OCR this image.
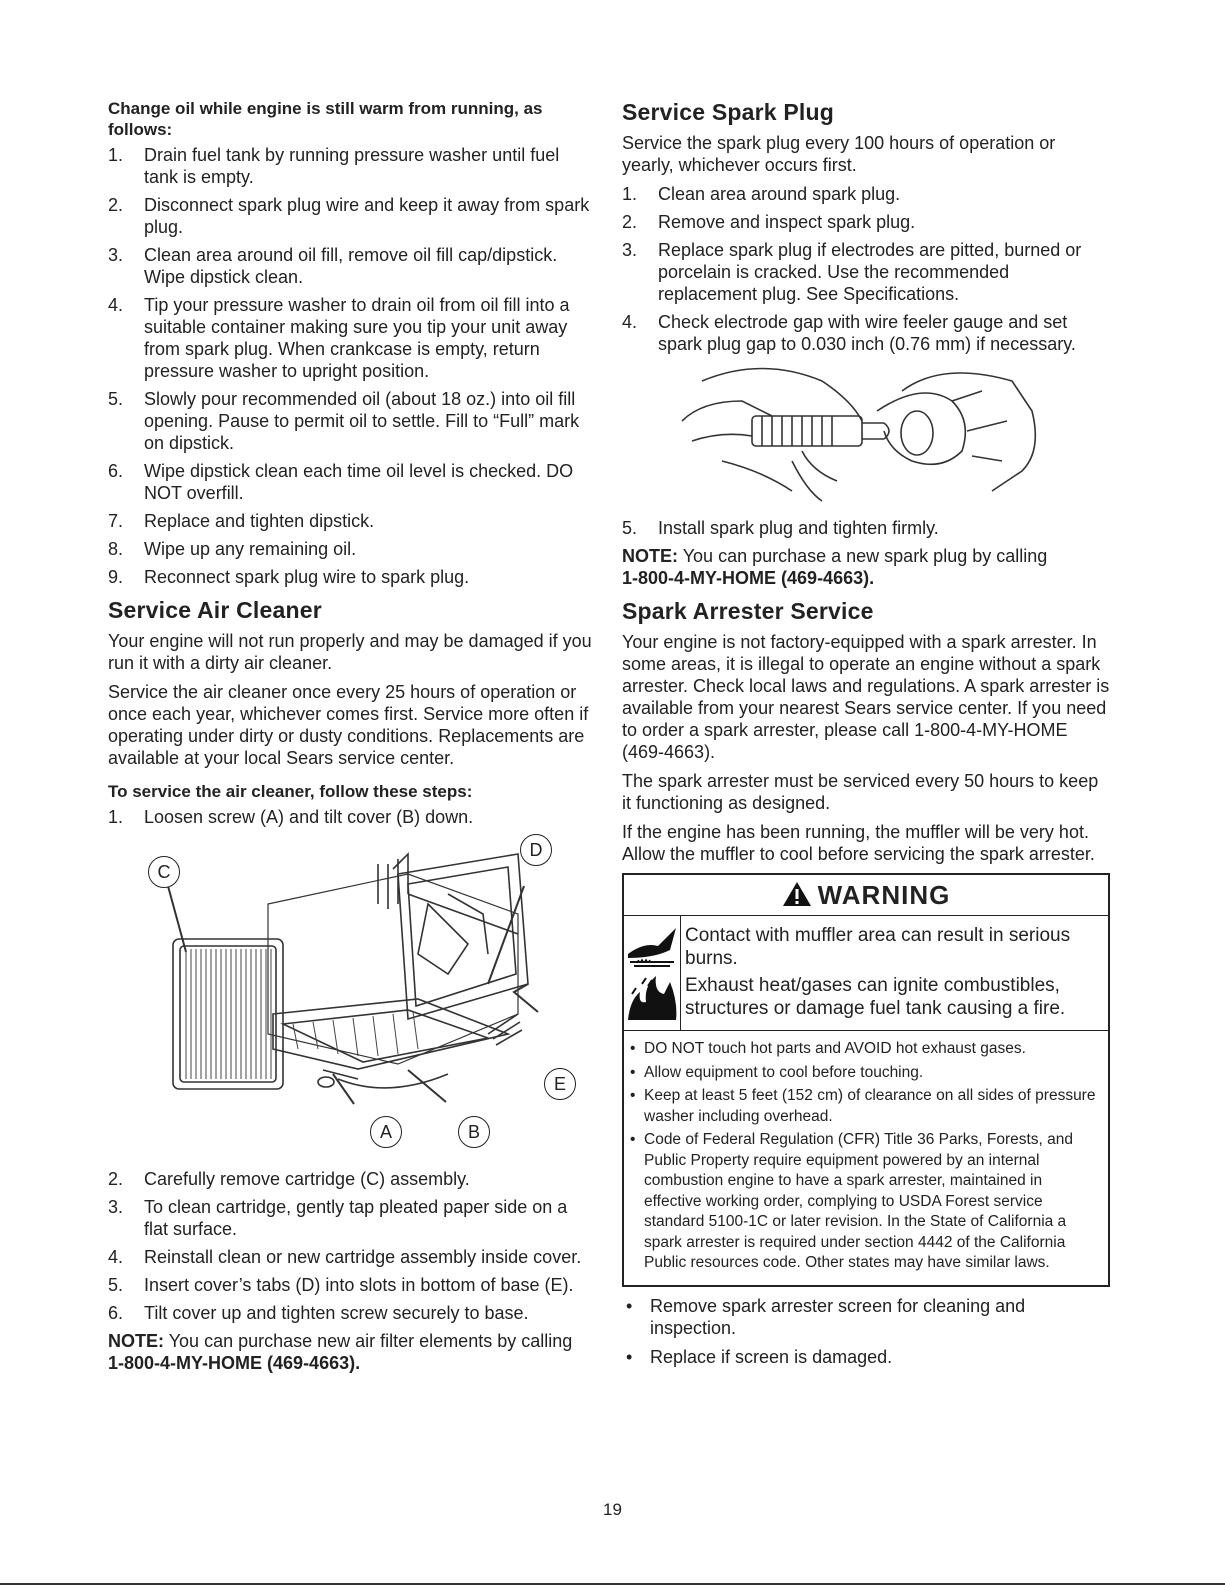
Change oil while engine is still warm from running, as follows:
1. Drain fuel tank by running pressure washer until fuel tank is empty.
2. Disconnect spark plug wire and keep it away from spark plug.
3. Clean area around oil fill, remove oil fill cap/dipstick. Wipe dipstick clean.
4. Tip your pressure washer to drain oil from oil fill into a suitable container making sure you tip your unit away from spark plug. When crankcase is empty, return pressure washer to upright position.
5. Slowly pour recommended oil (about 18 oz.) into oil fill opening. Pause to permit oil to settle. Fill to “Full” mark on dipstick.
6. Wipe dipstick clean each time oil level is checked. DO NOT overfill.
7. Replace and tighten dipstick.
8. Wipe up any remaining oil.
9. Reconnect spark plug wire to spark plug.
Service Air Cleaner

Your engine will not run properly and may be damaged if you run it with a dirty air cleaner.

Service the air cleaner once every 25 hours of operation or once each year, whichever comes first. Service more often if operating under dirty or dusty conditions. Replacements are available at your local Sears service center.

To service the air cleaner, follow these steps:
1. Loosen screw (A) and tilt cover (B) down.
C
D
E
A	B
2. Carefully remove cartridge (C) assembly.
3. To clean cartridge, gently tap pleated paper side on a flat surface.
4. Reinstall clean or new cartridge assembly inside cover.
5. Insert cover’s tabs (D) into slots in bottom of base (E).
6. Tilt cover up and tighten screw securely to base.

NOTE: You can purchase new air filter elements by calling
1-800-4-MY-HOME (469-4663).

Service Spark Plug

Service the spark plug every 100 hours of operation or yearly, whichever occurs first.

1. Clean area around spark plug.
2. Remove and inspect spark plug.
3. Replace spark plug if electrodes are pitted, burned or porcelain is cracked. Use the recommended replacement plug. See Specifications.
4. Check electrode gap with wire feeler gauge and set spark plug gap to 0.030 inch (0.76 mm) if necessary.
5. Install spark plug and tighten firmly.

NOTE: You can purchase a new spark plug by calling
1-800-4-MY-HOME (469-4663).

Spark Arrester Service

Your engine is not factory-equipped with a spark arrester. In some areas, it is illegal to operate an engine without a spark arrester. Check local laws and regulations. A spark arrester is available from your nearest Sears service center. If you need to order a spark arrester, please call 1-800-4-MY-HOME (469-4663).

The spark arrester must be serviced every 50 hours to keep it functioning as designed.

If the engine has been running, the muffler will be very hot. Allow the muffler to cool before servicing the spark arrester.

WARNING
Contact with muffler area can result in serious burns.
Exhaust heat/gases can ignite combustibles, structures or damage fuel tank causing a fire.
• DO NOT touch hot parts and AVOID hot exhaust gases.
• Allow equipment to cool before touching.
• Keep at least 5 feet (152 cm) of clearance on all sides of pressure washer including overhead.
• Code of Federal Regulation (CFR) Title 36 Parks, Forests, and Public Property require equipment powered by an internal combustion engine to have a spark arrester, maintained in effective working order, complying to USDA Forest service standard 5100-1C or later revision. In the State of California a spark arrester is required under section 4442 of the California Public resources code. Other states may have similar laws.
• Remove spark arrester screen for cleaning and inspection.
• Replace if screen is damaged.
19
